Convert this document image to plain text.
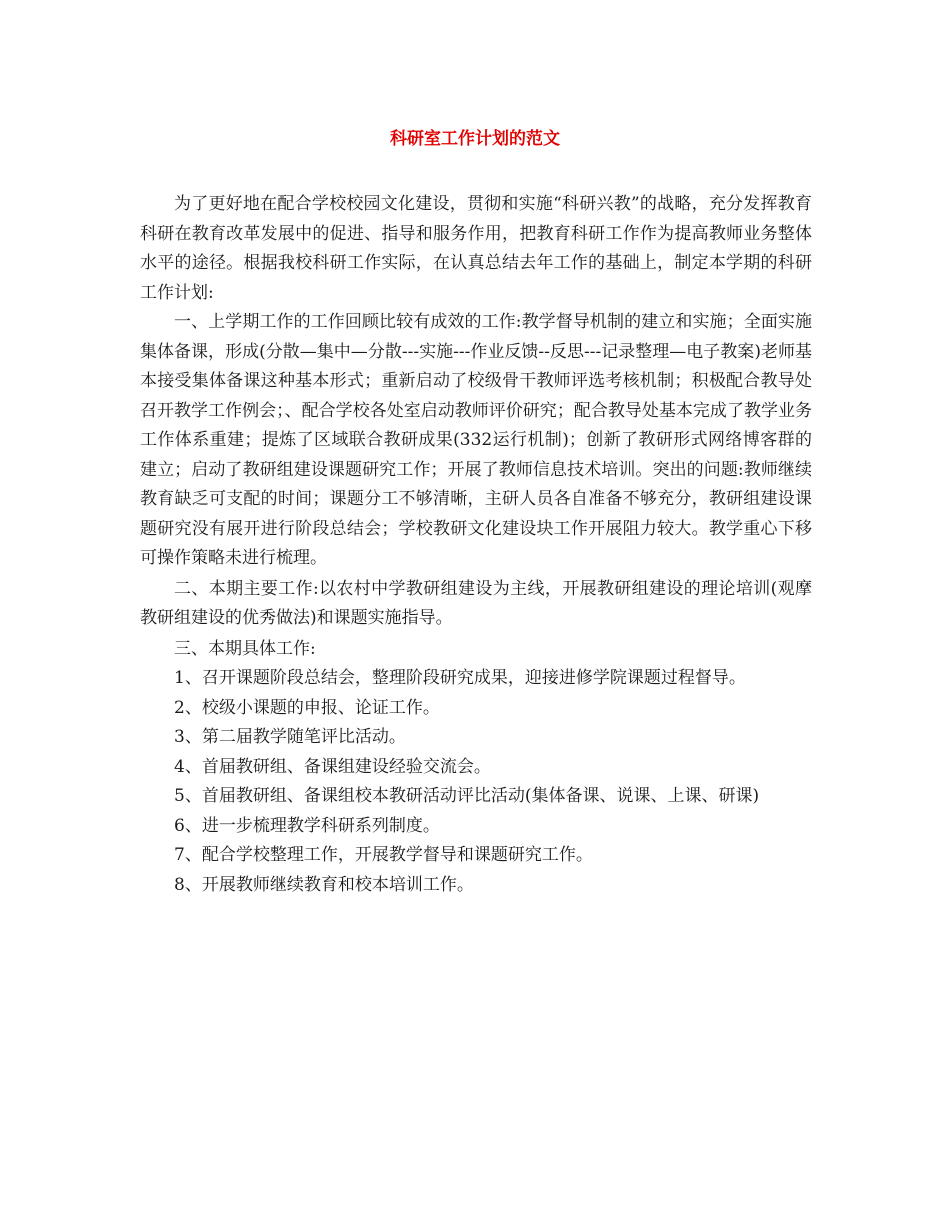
科研室工作计划的范文

为了更好地在配合学校校园文化建设，贯彻和实施“科研兴教”的战略，充分发挥教育科研在教育改革发展中的促进、指导和服务作用，把教育科研工作作为提高教师业务整体水平的途径。根据我校科研工作实际，在认真总结去年工作的基础上，制定本学期的科研工作计划:

一、上学期工作的工作回顾比较有成效的工作:教学督导机制的建立和实施；全面实施集体备课，形成(分散—集中—分散---实施---作业反馈--反思---记录整理—电子教案)老师基本接受集体备课这种基本形式；重新启动了校级骨干教师评选考核机制；积极配合教导处召开教学工作例会；、配合学校各处室启动教师评价研究；配合教导处基本完成了教学业务工作体系重建；提炼了区域联合教研成果(332运行机制)；创新了教研形式网络博客群的建立；启动了教研组建设课题研究工作；开展了教师信息技术培训。突出的问题:教师继续教育缺乏可支配的时间；课题分工不够清晰，主研人员各自准备不够充分，教研组建设课题研究没有展开进行阶段总结会；学校教研文化建设块工作开展阻力较大。教学重心下移可操作策略未进行梳理。

二、本期主要工作:以农村中学教研组建设为主线，开展教研组建设的理论培训(观摩教研组建设的优秀做法)和课题实施指导。

三、本期具体工作:

1、召开课题阶段总结会，整理阶段研究成果，迎接进修学院课题过程督导。

2、校级小课题的申报、论证工作。

3、第二届教学随笔评比活动。

4、首届教研组、备课组建设经验交流会。

5、首届教研组、备课组校本教研活动评比活动(集体备课、说课、上课、研课)

6、进一步梳理教学科研系列制度。

7、配合学校整理工作，开展教学督导和课题研究工作。

8、开展教师继续教育和校本培训工作。
